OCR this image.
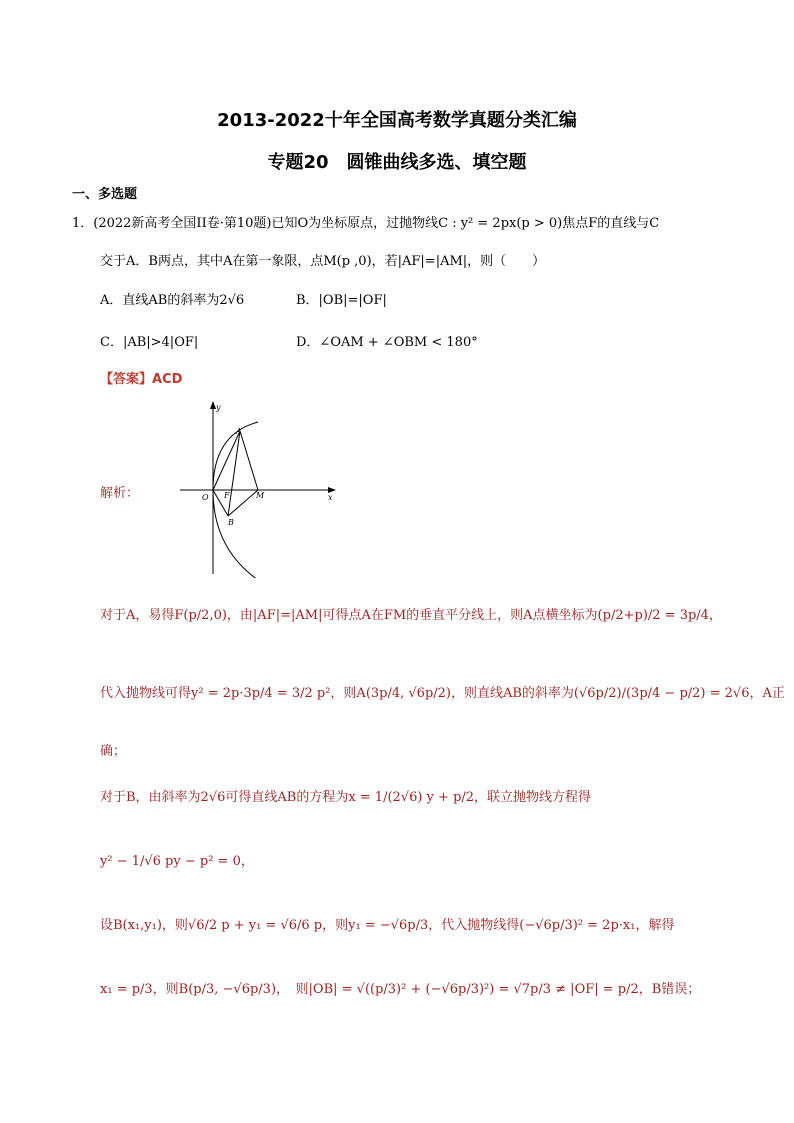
2013-2022十年全国高考数学真题分类汇编
专题20　圆锥曲线多选、填空题
一、多选题
1．(2022新高考全国II卷·第10题)已知O为坐标原点，过抛物线C : y² = 2px(p > 0)焦点F的直线与C
交于A．B两点，其中A在第一象限，点M(p ,0)，若|AF|=|AM|，则（　　）
A．直线AB的斜率为2√6	B．|OB|=|OF|
C．|AB|>4|OF|	D．∠OAM + ∠OBM < 180°
【答案】ACD
解析：
y
x
A
B
O F	M
对于A，易得F(p/2,0)，由|AF|=|AM|可得点A在FM的垂直平分线上，则A点横坐标为(p/2+p)/2 = 3p/4，
代入抛物线可得y² = 2p·3p/4 = 3/2 p²，则A(3p/4, √6p/2)，则直线AB的斜率为(√6p/2)/(3p/4 − p/2) = 2√6，A正
确；
对于B，由斜率为2√6可得直线AB的方程为x = 1/(2√6) y + p/2，联立抛物线方程得
y² − 1/√6 py − p² = 0，
设B(x₁,y₁)，则√6/2 p + y₁ = √6/6 p，则y₁ = −√6p/3，代入抛物线得(−√6p/3)² = 2p·x₁，解得
x₁ = p/3，则B(p/3, −√6p/3)，　则|OB| = √((p/3)² + (−√6p/3)²) = √7p/3 ≠ |OF| = p/2，B错误；
